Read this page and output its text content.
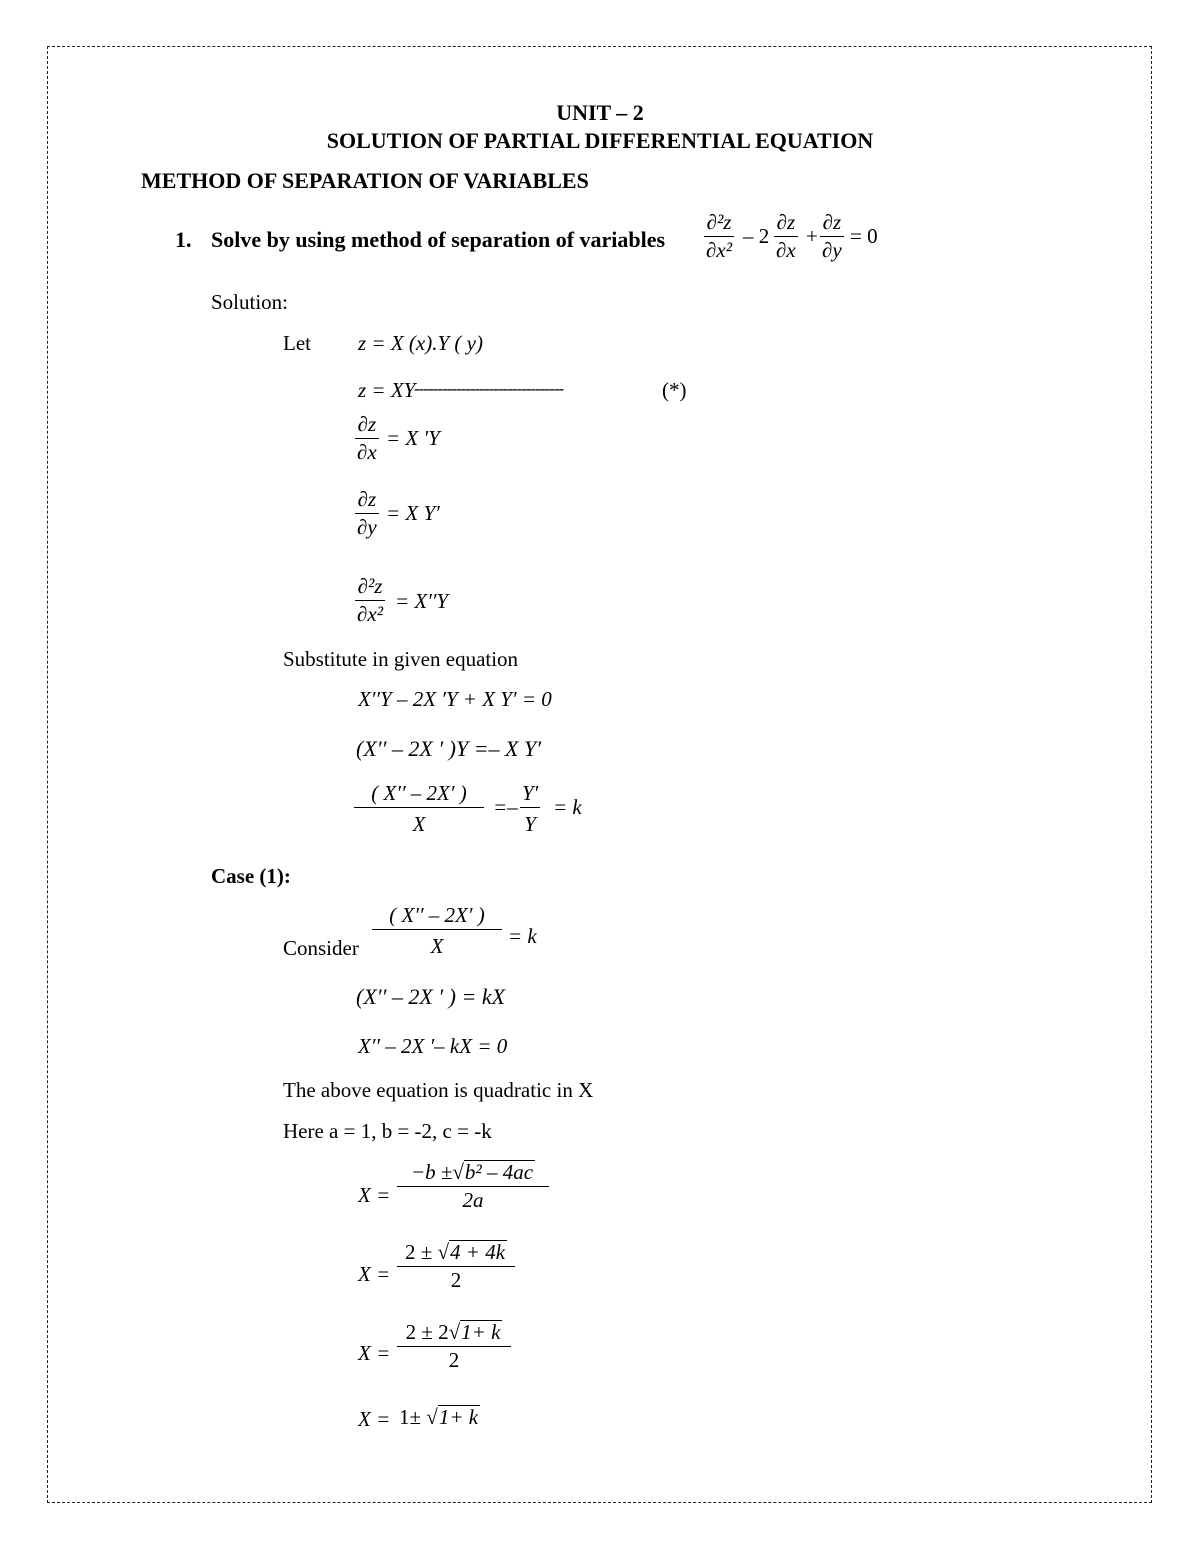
UNIT – 2
SOLUTION OF PARTIAL DIFFERENTIAL EQUATION
METHOD OF SEPARATION OF VARIABLES
1. Solve by using method of separation of variables
∂²z
∂x²
– 2
∂z
∂x
+
∂z
∂y
= 0
Solution:
Let z = X (x).Y ( y)
z = XY
--------------------------------	(*)
∂z
∂x
= X ′Y
∂z
∂y
= X Y′
∂²z
∂x²
= X′′Y
Substitute in given equation
X′′Y – 2X ′Y + X Y′ = 0
(X′′ – 2X ′ )Y =– X Y′
( X′′ – 2X′ )
X
=–
Y′
Y
= k
Case (1):
Consider
( X′′ – 2X′ )
X	= k
(X′′ – 2X ′ ) = kX
X′′ – 2X ′– kX = 0
The above equation is quadratic in X
Here a = 1, b = -2, c = -k
X =
−b ±√b² – 4ac
2a
X =
2 ± √4 + 4k
2
X =
2 ± 2√1+ k
2
X = 1± √1+ k
